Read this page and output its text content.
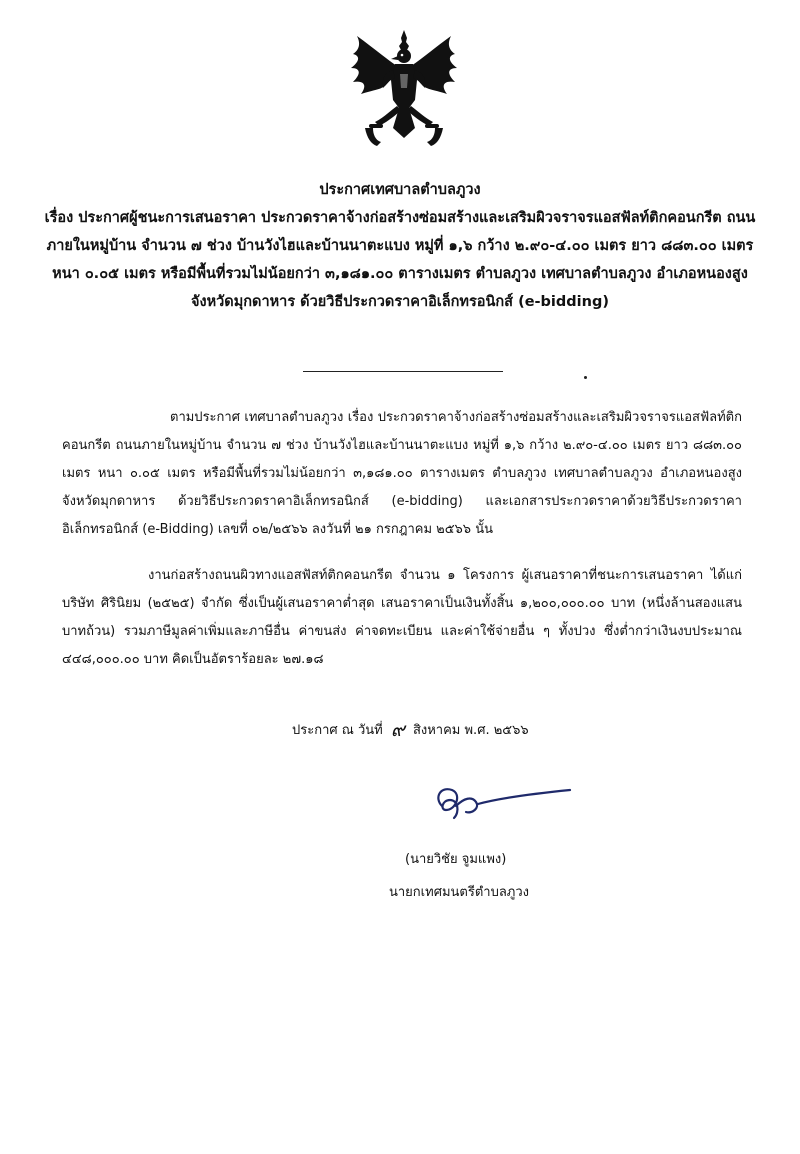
ประกาศเทศบาลตำบลภูวง
เรื่อง ประกาศผู้ชนะการเสนอราคา ประกวดราคาจ้างก่อสร้างซ่อมสร้างและเสริมผิวจราจรแอสฟัลท์ติกคอนกรีต ถนนภายในหมู่บ้าน จำนวน ๗ ช่วง บ้านวังไฮและบ้านนาตะแบง หมู่ที่ ๑,๖ กว้าง ๒.๙๐-๔.๐๐ เมตร ยาว ๘๘๓.๐๐ เมตร หนา ๐.๐๕ เมตร หรือมีพื้นที่รวมไม่น้อยกว่า ๓,๑๘๑.๐๐ ตารางเมตร ตำบลภูวง เทศบาลตำบลภูวง อำเภอหนองสูง จังหวัดมุกดาหาร ด้วยวิธีประกวดราคาอิเล็กทรอนิกส์ (e-bidding)

ตามประกาศ เทศบาลตำบลภูวง เรื่อง ประกวดราคาจ้างก่อสร้างซ่อมสร้างและเสริมผิวจราจรแอสฟัลท์ติกคอนกรีต ถนนภายในหมู่บ้าน จำนวน ๗ ช่วง บ้านวังไฮและบ้านนาตะแบง หมู่ที่ ๑,๖ กว้าง ๒.๙๐-๔.๐๐ เมตร ยาว ๘๘๓.๐๐ เมตร หนา ๐.๐๕ เมตร หรือมีพื้นที่รวมไม่น้อยกว่า ๓,๑๘๑.๐๐ ตารางเมตร ตำบลภูวง เทศบาลตำบลภูวง อำเภอหนองสูง จังหวัดมุกดาหาร ด้วยวิธีประกวดราคาอิเล็กทรอนิกส์ (e-bidding) และเอกสารประกวดราคาด้วยวิธีประกวดราคาอิเล็กทรอนิกส์ (e-Bidding) เลขที่ ๐๒/๒๕๖๖ ลงวันที่ ๒๑ กรกฎาคม ๒๕๖๖ นั้น

งานก่อสร้างถนนผิวทางแอสฟัสท์ติกคอนกรีต จำนวน ๑ โครงการ ผู้เสนอราคาที่ชนะการเสนอราคา ได้แก่ บริษัท ศิรินิยม (๒๕๒๕) จำกัด ซึ่งเป็นผู้เสนอราคาต่ำสุด เสนอราคาเป็นเงินทั้งสิ้น ๑,๒๐๐,๐๐๐.๐๐ บาท (หนึ่งล้านสองแสนบาทถ้วน) รวมภาษีมูลค่าเพิ่มและภาษีอื่น ค่าขนส่ง ค่าจดทะเบียน และค่าใช้จ่ายอื่น ๆ ทั้งปวง ซึ่งต่ำกว่าเงินงบประมาณ ๔๔๘,๐๐๐.๐๐ บาท คิดเป็นอัตราร้อยละ ๒๗.๑๘

ประกาศ ณ วันที่ ๙ สิงหาคม พ.ศ. ๒๕๖๖
(นายวิชัย จูมแพง)
นายกเทศมนตรีตำบลภูวง
